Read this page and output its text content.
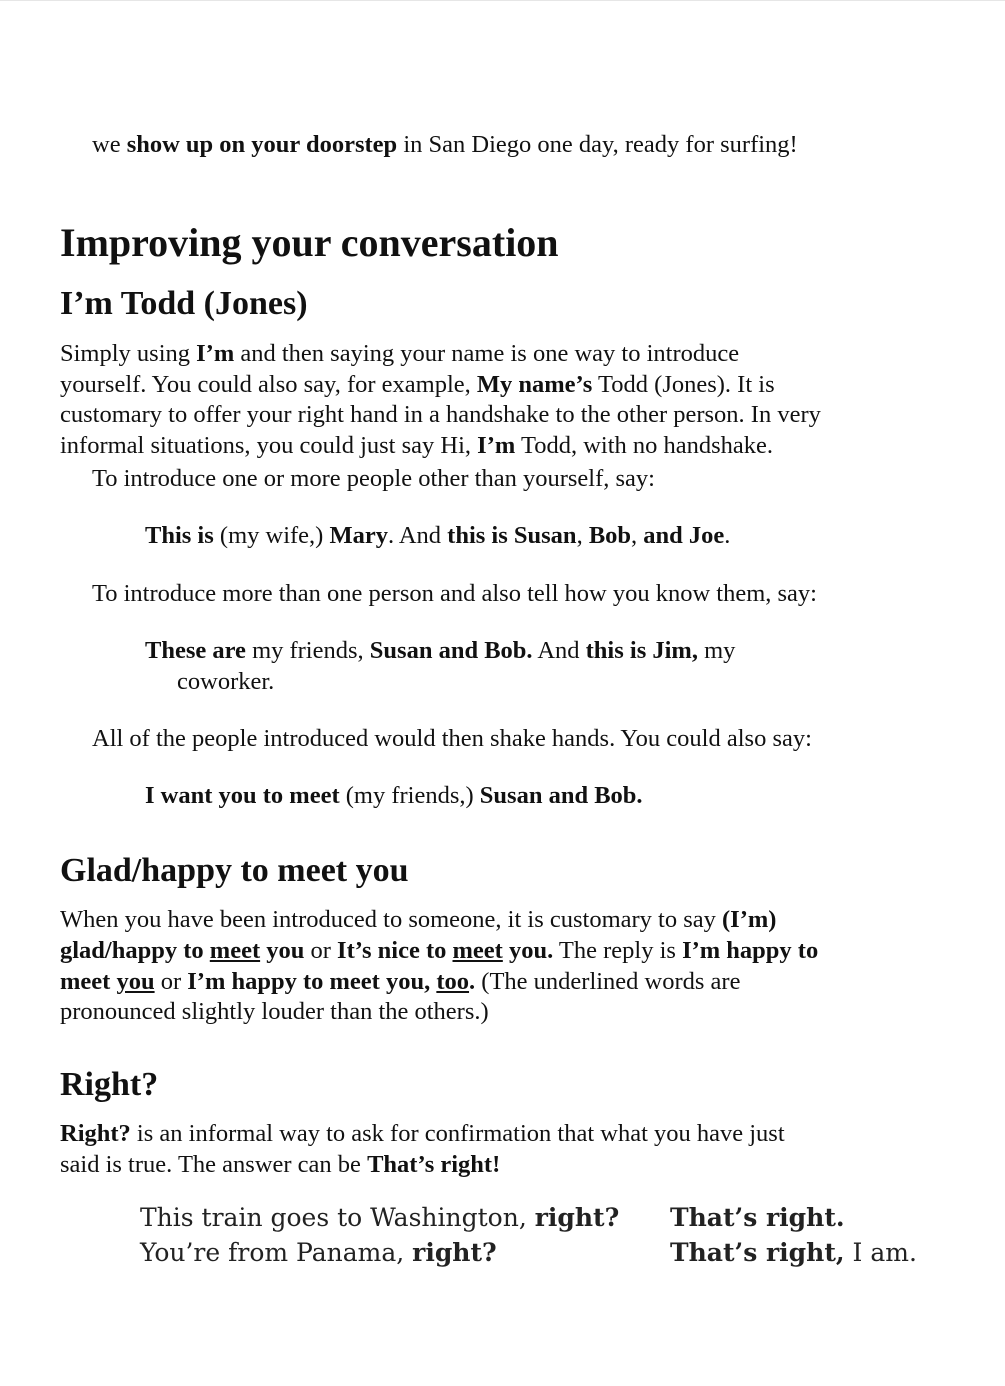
we show up on your doorstep in San Diego one day, ready for surfing!
Improving your conversation
I’m Todd (Jones)
Simply using I’m and then saying your name is one way to introduce
yourself. You could also say, for example, My name’s Todd (Jones). It is
customary to offer your right hand in a handshake to the other person. In very
informal situations, you could just say Hi, I’m Todd, with no handshake.
To introduce one or more people other than yourself, say:
This is (my wife,) Mary. And this is Susan, Bob, and Joe.
To introduce more than one person and also tell how you know them, say:
These are my friends, Susan and Bob. And this is Jim, my
coworker.
All of the people introduced would then shake hands. You could also say:
I want you to meet (my friends,) Susan and Bob.
Glad/happy to meet you
When you have been introduced to someone, it is customary to say (I’m)
glad/happy to meet you or It’s nice to meet you. The reply is I’m happy to
meet you or I’m happy to meet you, too. (The underlined words are
pronounced slightly louder than the others.)
Right?
Right? is an informal way to ask for confirmation that what you have just
said is true. The answer can be That’s right!
This train goes to Washington, right? That’s right.
You’re from Panama, right?	That’s right, I am.
